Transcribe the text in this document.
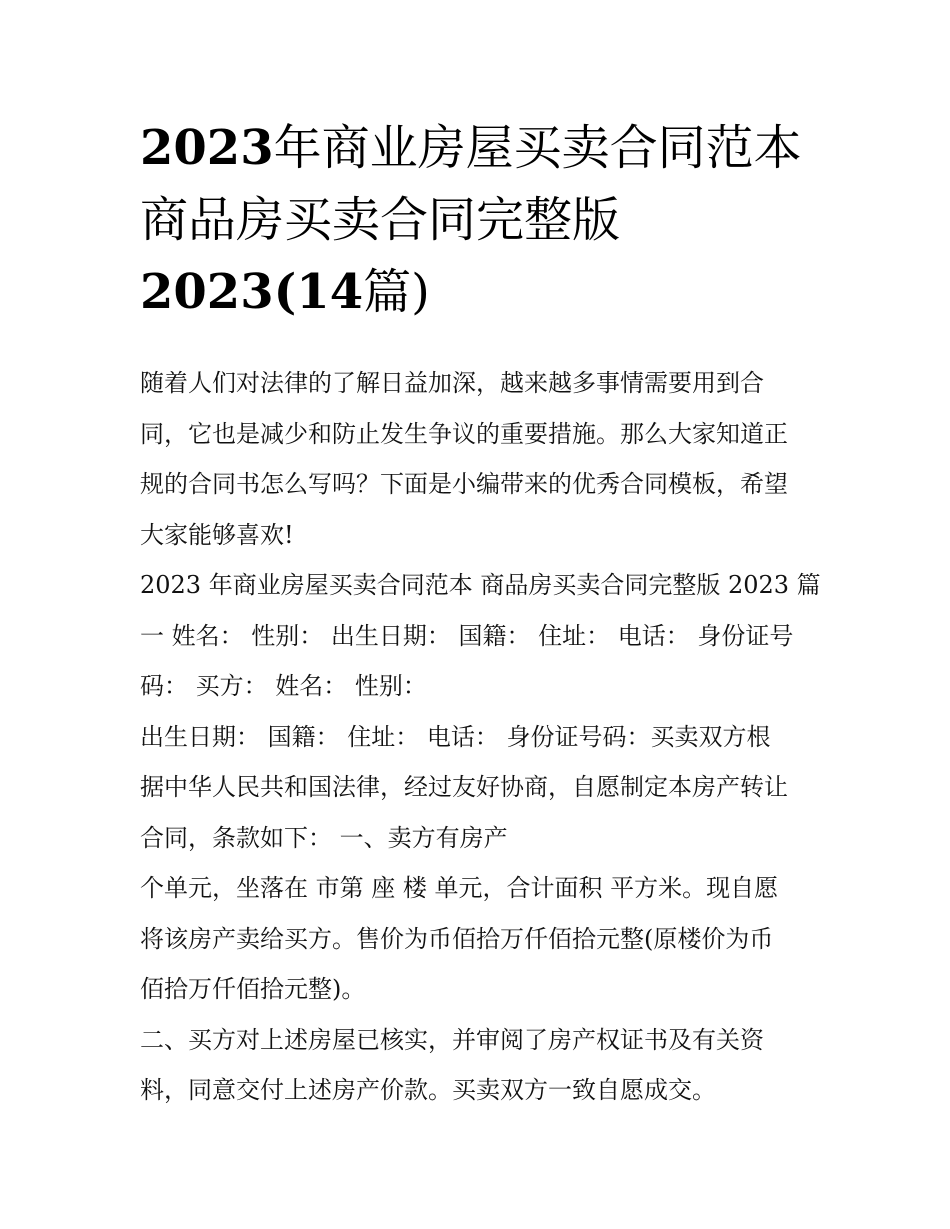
2023年商业房屋买卖合同范本
商品房买卖合同完整版
2023(14篇)
随着人们对法律的了解日益加深，越来越多事情需要用到合
同，它也是减少和防止发生争议的重要措施。那么大家知道正
规的合同书怎么写吗？下面是小编带来的优秀合同模板，希望
大家能够喜欢!
2023 年商业房屋买卖合同范本 商品房买卖合同完整版 2023 篇
一 姓名： 性别： 出生日期： 国籍： 住址： 电话： 身份证号
码： 买方： 姓名： 性别：
出生日期： 国籍： 住址： 电话： 身份证号码：买卖双方根
据中华人民共和国法律，经过友好协商，自愿制定本房产转让
合同，条款如下： 一、卖方有房产
个单元，坐落在 市第 座 楼 单元，合计面积 平方米。现自愿
将该房产卖给买方。售价为币佰拾万仟佰拾元整(原楼价为币
佰拾万仟佰拾元整)。
二、买方对上述房屋已核实，并审阅了房产权证书及有关资
料，同意交付上述房产价款。买卖双方一致自愿成交。
